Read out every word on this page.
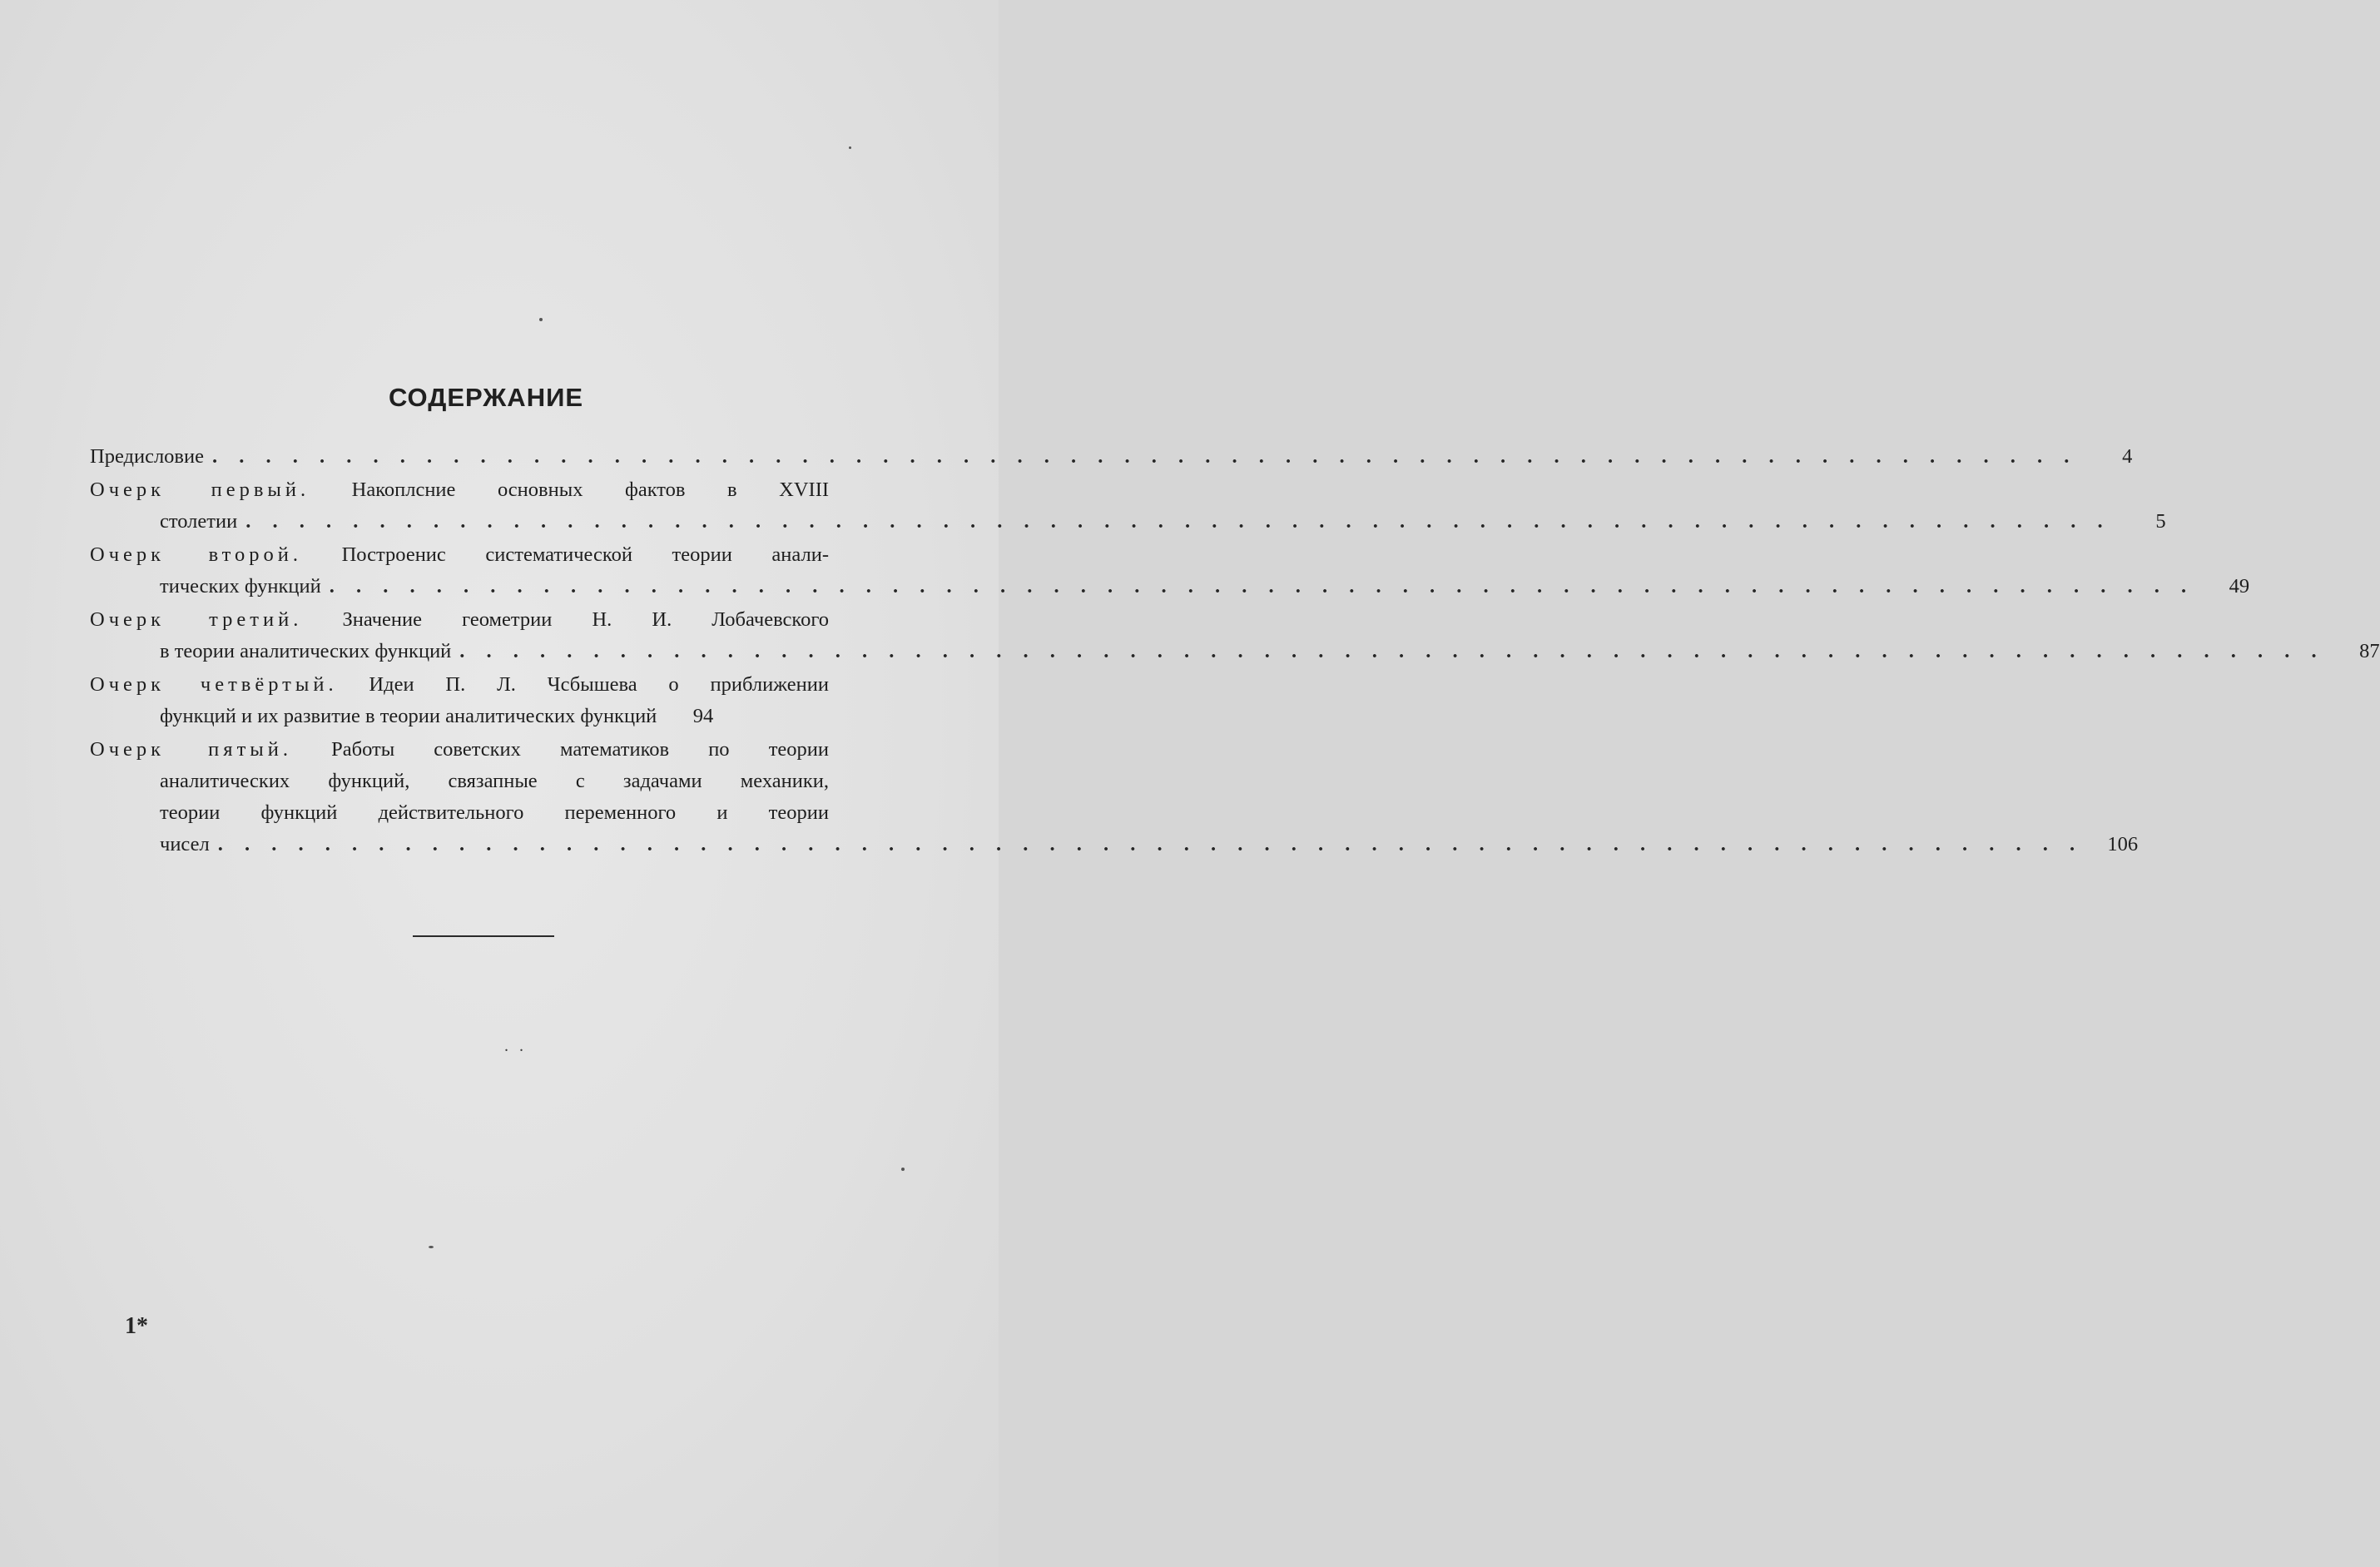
СОДЕРЖАНИЕ
Предисловие . . . . . . . . . . . . . . . . . . . . . . . . . . . . . . . . . . . . . . . . . . . . . . . . . . . . . . . . . . . . . . . . . . . . . .	4
Очерк первый. Накоплсние основных фактов в XVIII
столетии . . . . . . . . . . . . . . . . . . . . . . . . . . . . . . . . . . . . . . . . . . . . . . . . . . . . . . . . . . . . . . . . . . . . . .	5
Очерк второй. Построенис систематической теории анали-
тических функций . . . . . . . . . . . . . . . . . . . . . . . . . . . . . . . . . . . . . . . . . . . . . . . . . . . . . . . . . . . . . . . . . . . . . .	49
Очерк третий. Значение геометрии Н. И. Лобачевского
в теории аналитических функций . . . . . . . . . . . . . . . . . . . . . . . . . . . . . . . . . . . . . . . . . . . . . . . . . . . . . . . . . . . . . . . . . . . . . .	87
Очерк четвёртый. Идеи П. Л. Чсбышева о приближении
функций и их развитие в теории аналитических функций	94
Очерк пятый. Работы советских математиков по теории
аналитических функций, связапные с задачами механики,
теории функций действительного переменного и теории
чисел . . . . . . . . . . . . . . . . . . . . . . . . . . . . . . . . . . . . . . . . . . . . . . . . . . . . . . . . . . . . . . . . . . . . . .	106
. .
1*
